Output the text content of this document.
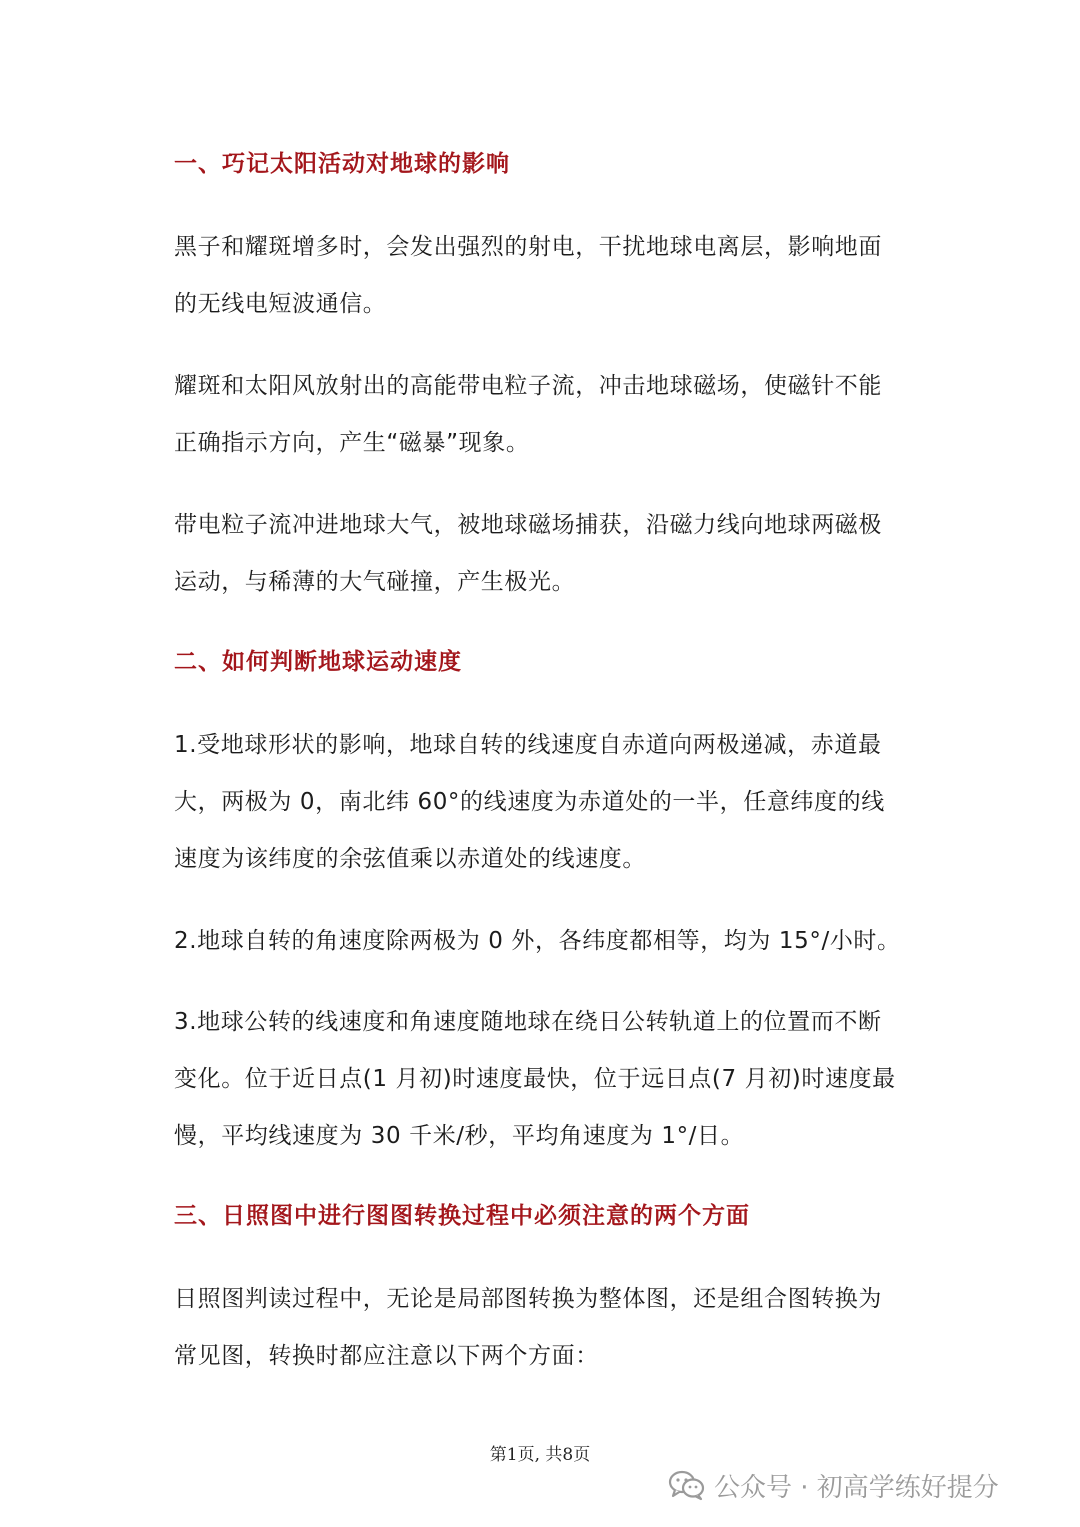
一、巧记太阳活动对地球的影响
黑子和耀斑增多时，会发出强烈的射电，干扰地球电离层，影响地面
的无线电短波通信。
耀斑和太阳风放射出的高能带电粒子流，冲击地球磁场，使磁针不能
正确指示方向，产生“磁暴”现象。
带电粒子流冲进地球大气，被地球磁场捕获，沿磁力线向地球两磁极
运动，与稀薄的大气碰撞，产生极光。
二、如何判断地球运动速度
1.受地球形状的影响，地球自转的线速度自赤道向两极递减，赤道最
大，两极为 0，南北纬 60°的线速度为赤道处的一半，任意纬度的线
速度为该纬度的余弦值乘以赤道处的线速度。
2.地球自转的角速度除两极为 0 外，各纬度都相等，均为 15°/小时。
3.地球公转的线速度和角速度随地球在绕日公转轨道上的位置而不断
变化。位于近日点(1 月初)时速度最快，位于远日点(7 月初)时速度最
慢，平均线速度为 30 千米/秒，平均角速度为 1°/日。
三、日照图中进行图图转换过程中必须注意的两个方面
日照图判读过程中，无论是局部图转换为整体图，还是组合图转换为
常见图，转换时都应注意以下两个方面：
第1页, 共8页
公众号 · 初高学练好提分
